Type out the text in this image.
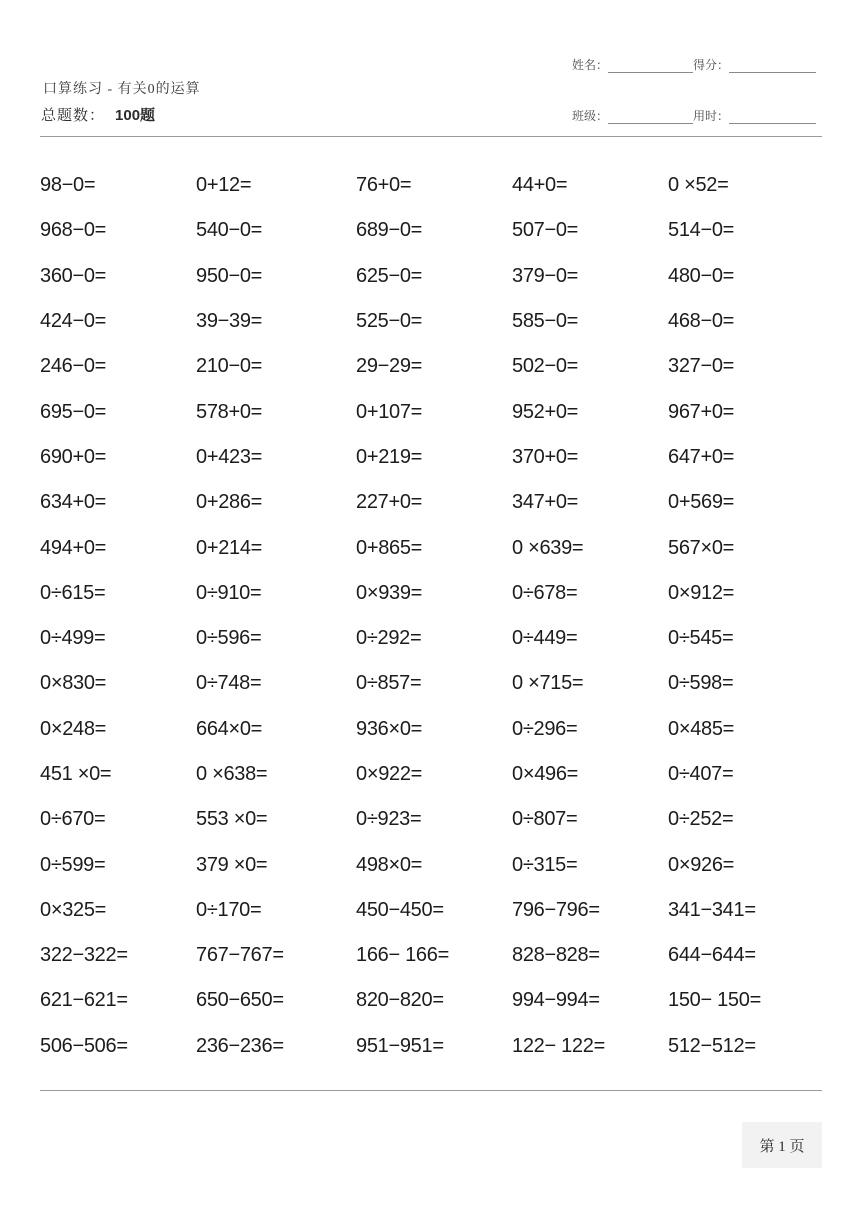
口算练习 - 有关0的运算
总题数： 100题
姓名：	得分：
班级：	用时：
98−0=	0+12=	76+0=	44+0=	0 ×52=
968−0=	540−0=	689−0=	507−0=	514−0=
360−0=	950−0=	625−0=	379−0=	480−0=
424−0=	39−39=	525−0=	585−0=	468−0=
246−0=	210−0=	29−29=	502−0=	327−0=
695−0=	578+0=	0+107=	952+0=	967+0=
690+0=	0+423=	0+219=	370+0=	647+0=
634+0=	0+286=	227+0=	347+0=	0+569=
494+0=	0+214=	0+865=	0 ×639=	567×0=
0÷615=	0÷910=	0×939=	0÷678=	0×912=
0÷499=	0÷596=	0÷292=	0÷449=	0÷545=
0×830=	0÷748=	0÷857=	0 ×715=	0÷598=
0×248=	664×0=	936×0=	0÷296=	0×485=
451 ×0=	0 ×638=	0×922=	0×496=	0÷407=
0÷670=	553 ×0=	0÷923=	0÷807=	0÷252=
0÷599=	379 ×0=	498×0=	0÷315=	0×926=
0×325=	0÷170=	450−450=	796−796=	341−341=
322−322=	767−767=	166− 166=	828−828=	644−644=
621−621=	650−650=	820−820=	994−994=	150− 150=
506−506=	236−236=	951−951=	122− 122=	512−512=
第 1 页
